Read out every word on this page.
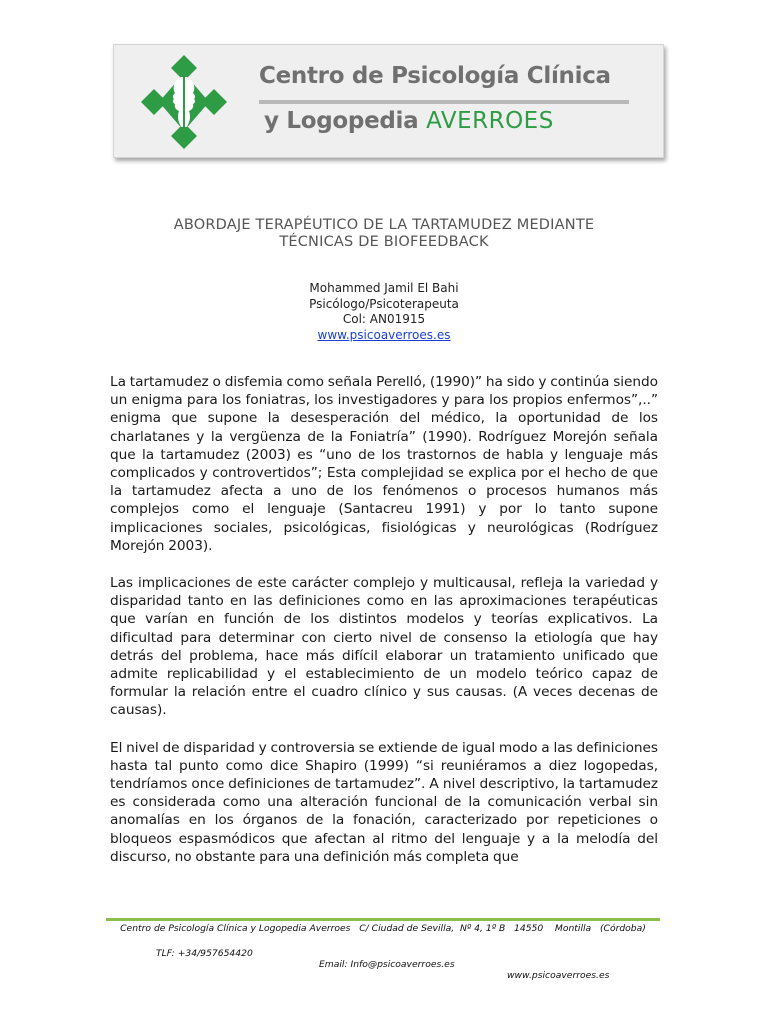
Centro de Psicología Clínica
y Logopedia AVERROES
ABORDAJE TERAPÉUTICO DE LA TARTAMUDEZ MEDIANTE
TÉCNICAS DE BIOFEEDBACK
Mohammed Jamil El Bahi
Psicólogo/Psicoterapeuta
Col: AN01915
www.psicoaverroes.es

La tartamudez o disfemia como señala Perelló, (1990)” ha sido y continúa siendo un enigma para los foniatras, los investigadores y para los propios enfermos”,..” enigma que supone la desesperación del médico, la oportunidad de los charlatanes y la vergüenza de la Foniatría” (1990). Rodríguez Morejón señala que la tartamudez (2003) es “uno de los trastornos de habla y lenguaje más complicados y controvertidos”; Esta complejidad se explica por el hecho de que la tartamudez afecta a uno de los fenómenos o procesos humanos más complejos como el lenguaje (Santacreu 1991) y por lo tanto supone implicaciones sociales, psicológicas, fisiológicas y neurológicas (Rodríguez Morejón 2003).

Las implicaciones de este carácter complejo y multicausal, refleja la variedad y disparidad tanto en las definiciones como en las aproximaciones terapéuticas que varían en función de los distintos modelos y teorías explicativos. La dificultad para determinar con cierto nivel de consenso la etiología que hay detrás del problema, hace más difícil elaborar un tratamiento unificado que admite replicabilidad y el establecimiento de un modelo teórico capaz de formular la relación entre el cuadro clínico y sus causas. (A veces decenas de causas).

El nivel de disparidad y controversia se extiende de igual modo a las definiciones hasta tal punto como dice Shapiro (1999) “si reuniéramos a diez logopedas, tendríamos once definiciones de tartamudez”. A nivel descriptivo, la tartamudez es considerada como una alteración funcional de la comunicación verbal sin anomalías en los órganos de la fonación, caracterizado por repeticiones o bloqueos espasmódicos que afectan al ritmo del lenguaje y a la melodía del discurso, no obstante para una definición más completa que

Centro de Psicología Clínica y Logopedia Averroes   C/ Ciudad de Sevilla,  Nº 4, 1º B   14550    Montilla   (Córdoba)

TLF: +34/957654420

Email: Info@psicoaverroes.es

www.psicoaverroes.es
